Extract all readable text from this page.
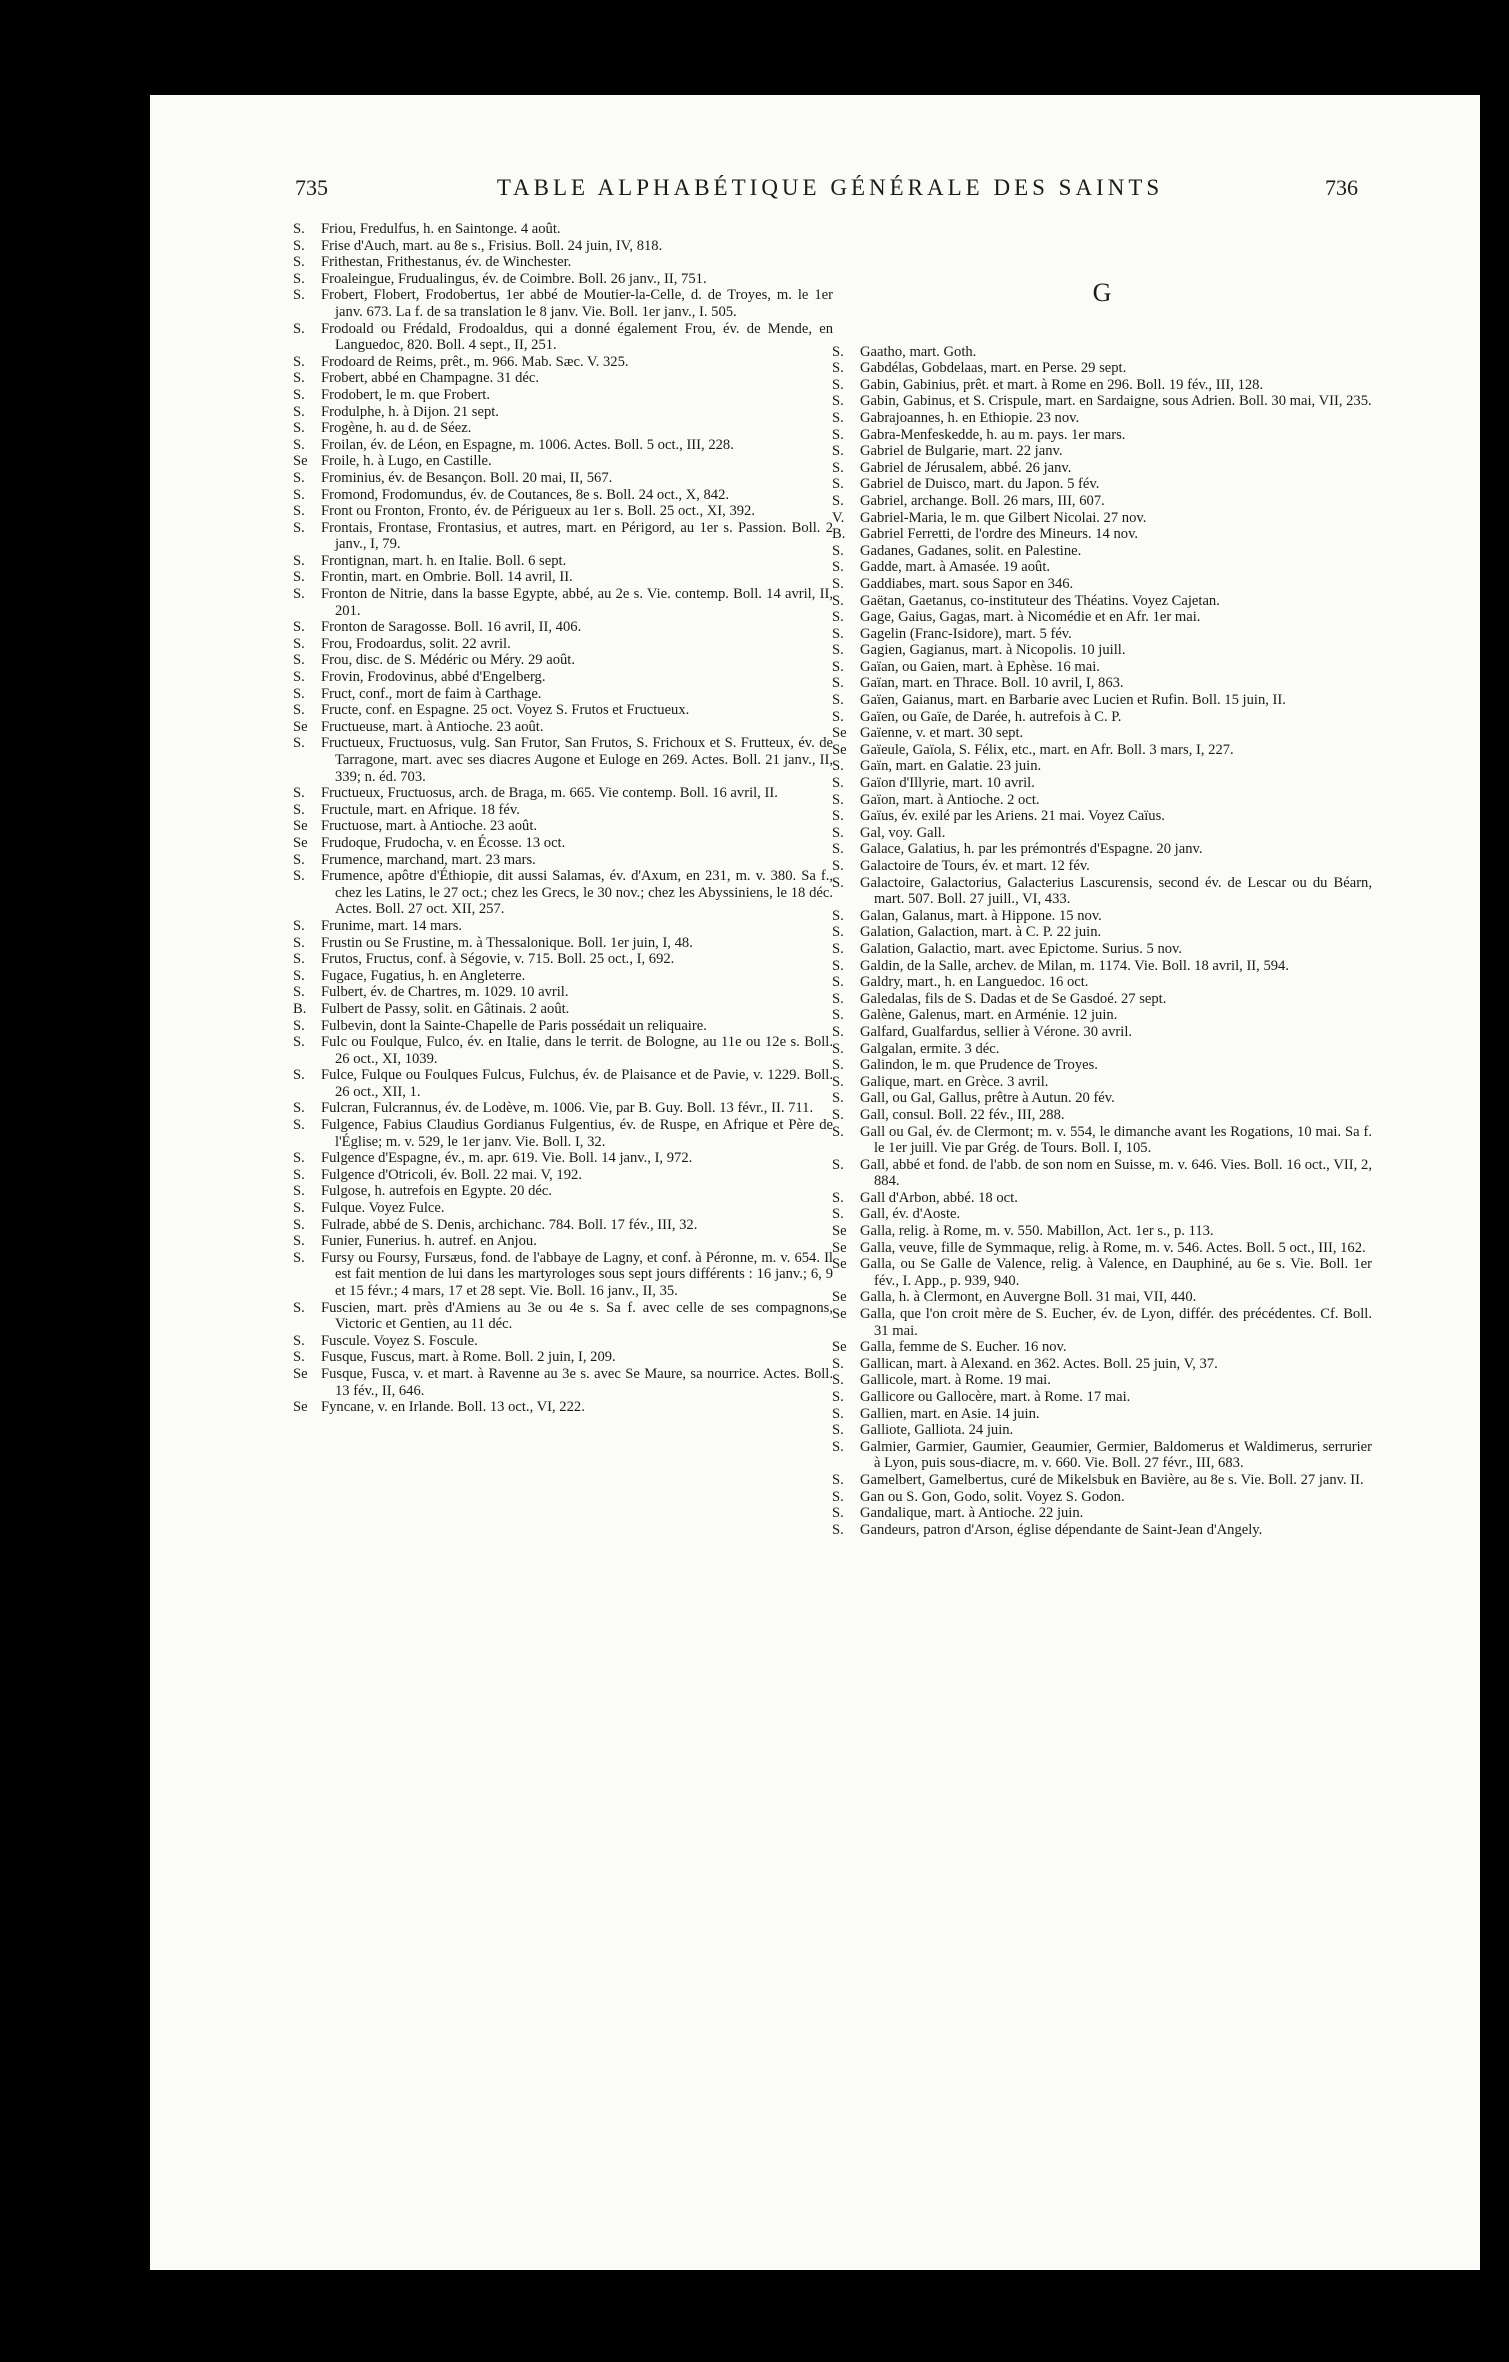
735	TABLE ALPHABÉTIQUE GÉNÉRALE DES SAINTS	736
S.	Friou, Fredulfus, h. en Saintonge. 4 août.
S.	Frise d'Auch, mart. au 8e s., Frisius. Boll. 24 juin, IV, 818.
S.	Frithestan, Frithestanus, év. de Winchester.
S.	Froaleingue, Frudualingus, év. de Coimbre. Boll. 26 janv., II, 751.
S.	Frobert, Flobert, Frodobertus, 1er abbé de Moutier-la-Celle, d. de Troyes, m. le 1er janv. 673. La f. de sa translation le 8 janv. Vie. Boll. 1er janv., I. 505.
S.	Frodoald ou Frédald, Frodoaldus, qui a donné également Frou, év. de Mende, en Languedoc, 820. Boll. 4 sept., II, 251.
S.	Frodoard de Reims, prêt., m. 966. Mab. Sæc. V. 325.
S.	Frobert, abbé en Champagne. 31 déc.
S.	Frodobert, le m. que Frobert.
S.	Frodulphe, h. à Dijon. 21 sept.
S.	Frogène, h. au d. de Séez.
S.	Froilan, év. de Léon, en Espagne, m. 1006. Actes. Boll. 5 oct., III, 228.
Se Froile, h. à Lugo, en Castille.
S.	Frominius, év. de Besançon. Boll. 20 mai, II, 567.
S.	Fromond, Frodomundus, év. de Coutances, 8e s. Boll. 24 oct., X, 842.
S.	Front ou Fronton, Fronto, év. de Périgueux au 1er s. Boll. 25 oct., XI, 392.
S.	Frontais, Frontase, Frontasius, et autres, mart. en Périgord, au 1er s. Passion. Boll. 2 janv., I, 79.
S.	Frontignan, mart. h. en Italie. Boll. 6 sept.
S.	Frontin, mart. en Ombrie. Boll. 14 avril, II.
S.	Fronton de Nitrie, dans la basse Egypte, abbé, au 2e s. Vie. contemp. Boll. 14 avril, II, 201.
S.	Fronton de Saragosse. Boll. 16 avril, II, 406.
S.	Frou, Frodoardus, solit. 22 avril.
S.	Frou, disc. de S. Médéric ou Méry. 29 août.
S.	Frovin, Frodovinus, abbé d'Engelberg.
S.	Fruct, conf., mort de faim à Carthage.
S.	Fructe, conf. en Espagne. 25 oct. Voyez S. Frutos et Fructueux.
Se Fructueuse, mart. à Antioche. 23 août.
S.	Fructueux, Fructuosus, vulg. San Frutor, San Frutos, S. Frichoux et S. Frutteux, év. de Tarragone, mart. avec ses diacres Augone et Euloge en 269. Actes. Boll. 21 janv., II, 339; n. éd. 703.
S.	Fructueux, Fructuosus, arch. de Braga, m. 665. Vie contemp. Boll. 16 avril, II.
S.	Fructule, mart. en Afrique. 18 fév.
Se Fructuose, mart. à Antioche. 23 août.
Se Frudoque, Frudocha, v. en Écosse. 13 oct.
S.	Frumence, marchand, mart. 23 mars.
S.	Frumence, apôtre d'Éthiopie, dit aussi Salamas, év. d'Axum, en 231, m. v. 380. Sa f., chez les Latins, le 27 oct.; chez les Grecs, le 30 nov.; chez les Abyssiniens, le 18 déc. Actes. Boll. 27 oct. XII, 257.
S.	Frunime, mart. 14 mars.
S.	Frustin ou Se Frustine, m. à Thessalonique. Boll. 1er juin, I, 48.
S.	Frutos, Fructus, conf. à Ségovie, v. 715. Boll. 25 oct., I, 692.
S.	Fugace, Fugatius, h. en Angleterre.
S.	Fulbert, év. de Chartres, m. 1029. 10 avril.
B.	Fulbert de Passy, solit. en Gâtinais. 2 août.
S.	Fulbevin, dont la Sainte-Chapelle de Paris possédait un reliquaire.
S.	Fulc ou Foulque, Fulco, év. en Italie, dans le territ. de Bologne, au 11e ou 12e s. Boll. 26 oct., XI, 1039.
S.	Fulce, Fulque ou Foulques Fulcus, Fulchus, év. de Plaisance et de Pavie, v. 1229. Boll. 26 oct., XII, 1.
S.	Fulcran, Fulcrannus, év. de Lodève, m. 1006. Vie, par B. Guy. Boll. 13 févr., II. 711.
S.	Fulgence, Fabius Claudius Gordianus Fulgentius, év. de Ruspe, en Afrique et Père de l'Église; m. v. 529, le 1er janv. Vie. Boll. I, 32.
S.	Fulgence d'Espagne, év., m. apr. 619. Vie. Boll. 14 janv., I, 972.
S.	Fulgence d'Otricoli, év. Boll. 22 mai. V, 192.
S.	Fulgose, h. autrefois en Egypte. 20 déc.
S.	Fulque. Voyez Fulce.
S.	Fulrade, abbé de S. Denis, archichanc. 784. Boll. 17 fév., III, 32.
S.	Funier, Funerius. h. autref. en Anjou.
S.	Fursy ou Foursy, Fursæus, fond. de l'abbaye de Lagny, et conf. à Péronne, m. v. 654. Il est fait mention de lui dans les martyrologes sous sept jours différents : 16 janv.; 6, 9 et 15 févr.; 4 mars, 17 et 28 sept. Vie. Boll. 16 janv., II, 35.
S.	Fuscien, mart. près d'Amiens au 3e ou 4e s. Sa f. avec celle de ses compagnons, Victoric et Gentien, au 11 déc.
S.	Fuscule. Voyez S. Foscule.
S.	Fusque, Fuscus, mart. à Rome. Boll. 2 juin, I, 209.
Se Fusque, Fusca, v. et mart. à Ravenne au 3e s. avec Se Maure, sa nourrice. Actes. Boll. 13 fév., II, 646.
Se Fyncane, v. en Irlande. Boll. 13 oct., VI, 222.
G
S.	Gaatho, mart. Goth.
S.	Gabdélas, Gobdelaas, mart. en Perse. 29 sept.
S.	Gabin, Gabinius, prêt. et mart. à Rome en 296. Boll. 19 fév., III, 128.
S.	Gabin, Gabinus, et S. Crispule, mart. en Sardaigne, sous Adrien. Boll. 30 mai, VII, 235.
S.	Gabrajoannes, h. en Ethiopie. 23 nov.
S.	Gabra-Menfeskedde, h. au m. pays. 1er mars.
S.	Gabriel de Bulgarie, mart. 22 janv.
S.	Gabriel de Jérusalem, abbé. 26 janv.
S.	Gabriel de Duisco, mart. du Japon. 5 fév.
S.	Gabriel, archange. Boll. 26 mars, III, 607.
V.	Gabriel-Maria, le m. que Gilbert Nicolai. 27 nov.
B.	Gabriel Ferretti, de l'ordre des Mineurs. 14 nov.
S.	Gadanes, Gadanes, solit. en Palestine.
S.	Gadde, mart. à Amasée. 19 août.
S.	Gaddiabes, mart. sous Sapor en 346.
S.	Gaëtan, Gaetanus, co-instituteur des Théatins. Voyez Cajetan.
S.	Gage, Gaius, Gagas, mart. à Nicomédie et en Afr. 1er mai.
S.	Gagelin (Franc-Isidore), mart. 5 fév.
S.	Gagien, Gagianus, mart. à Nicopolis. 10 juill.
S.	Gaïan, ou Gaien, mart. à Ephèse. 16 mai.
S.	Gaïan, mart. en Thrace. Boll. 10 avril, I, 863.
S.	Gaïen, Gaianus, mart. en Barbarie avec Lucien et Rufin. Boll. 15 juin, II.
S.	Gaïen, ou Gaïe, de Darée, h. autrefois à C. P.
Se Gaïenne, v. et mart. 30 sept.
Se Gaïeule, Gaïola, S. Félix, etc., mart. en Afr. Boll. 3 mars, I, 227.
S.	Gaïn, mart. en Galatie. 23 juin.
S.	Gaïon d'Illyrie, mart. 10 avril.
S.	Gaïon, mart. à Antioche. 2 oct.
S.	Gaïus, év. exilé par les Ariens. 21 mai. Voyez Caïus.
S.	Gal, voy. Gall.
S.	Galace, Galatius, h. par les prémontrés d'Espagne. 20 janv.
S.	Galactoire de Tours, év. et mart. 12 fév.
S.	Galactoire, Galactorius, Galacterius Lascurensis, second év. de Lescar ou du Béarn, mart. 507. Boll. 27 juill., VI, 433.
S.	Galan, Galanus, mart. à Hippone. 15 nov.
S.	Galation, Galaction, mart. à C. P. 22 juin.
S.	Galation, Galactio, mart. avec Epictome. Surius. 5 nov.
S.	Galdin, de la Salle, archev. de Milan, m. 1174. Vie. Boll. 18 avril, II, 594.
S.	Galdry, mart., h. en Languedoc. 16 oct.
S.	Galedalas, fils de S. Dadas et de Se Gasdoé. 27 sept.
S.	Galène, Galenus, mart. en Arménie. 12 juin.
S.	Galfard, Gualfardus, sellier à Vérone. 30 avril.
S.	Galgalan, ermite. 3 déc.
S.	Galindon, le m. que Prudence de Troyes.
S.	Galique, mart. en Grèce. 3 avril.
S.	Gall, ou Gal, Gallus, prêtre à Autun. 20 fév.
S.	Gall, consul. Boll. 22 fév., III, 288.
S.	Gall ou Gal, év. de Clermont; m. v. 554, le dimanche avant les Rogations, 10 mai. Sa f. le 1er juill. Vie par Grég. de Tours. Boll. I, 105.
S.	Gall, abbé et fond. de l'abb. de son nom en Suisse, m. v. 646. Vies. Boll. 16 oct., VII, 2, 884.
S.	Gall d'Arbon, abbé. 18 oct.
S.	Gall, év. d'Aoste.
Se Galla, relig. à Rome, m. v. 550. Mabillon, Act. 1er s., p. 113.
Se Galla, veuve, fille de Symmaque, relig. à Rome, m. v. 546. Actes. Boll. 5 oct., III, 162.
Se Galla, ou Se Galle de Valence, relig. à Valence, en Dauphiné, au 6e s. Vie. Boll. 1er fév., I. App., p. 939, 940.
Se Galla, h. à Clermont, en Auvergne Boll. 31 mai, VII, 440.
Se Galla, que l'on croit mère de S. Eucher, év. de Lyon, différ. des précédentes. Cf. Boll. 31 mai.
Se Galla, femme de S. Eucher. 16 nov.
S.	Gallican, mart. à Alexand. en 362. Actes. Boll. 25 juin, V, 37.
S.	Gallicole, mart. à Rome. 19 mai.
S.	Gallicore ou Gallocère, mart. à Rome. 17 mai.
S.	Gallien, mart. en Asie. 14 juin.
S.	Galliote, Galliota. 24 juin.
S.	Galmier, Garmier, Gaumier, Geaumier, Germier, Baldomerus et Waldimerus, serrurier à Lyon, puis sous-diacre, m. v. 660. Vie. Boll. 27 févr., III, 683.
S.	Gamelbert, Gamelbertus, curé de Mikelsbuk en Bavière, au 8e s. Vie. Boll. 27 janv. II.
S.	Gan ou S. Gon, Godo, solit. Voyez S. Godon.
S.	Gandalique, mart. à Antioche. 22 juin.
S.	Gandeurs, patron d'Arson, église dépendante de Saint-Jean d'Angely.
